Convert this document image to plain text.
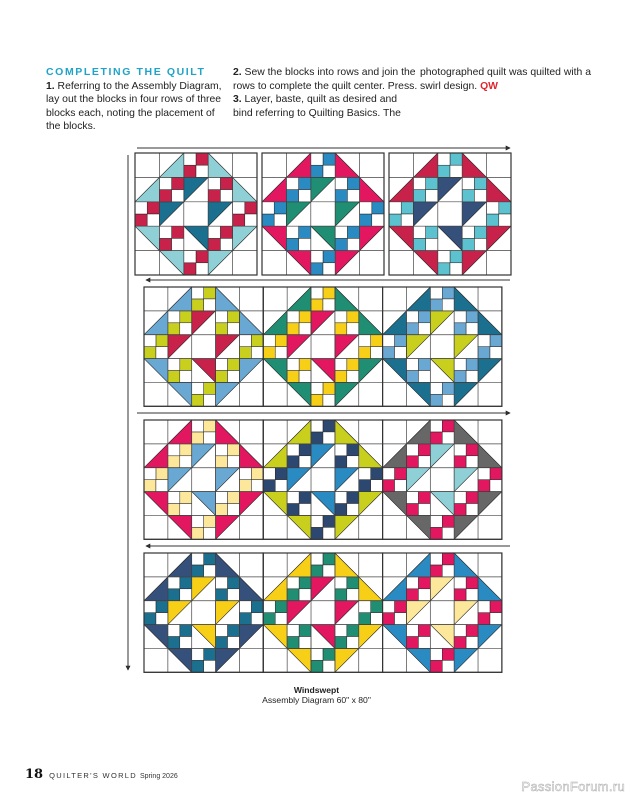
COMPLETING THE QUILT
1. Referring to the Assembly Diagram, lay out the blocks in four rows of three blocks each, noting the placement of the blocks.
2. Sew the blocks into rows and join the rows to complete the quilt center. Press.
3. Layer, baste, quilt as desired and bind referring to Quilting Basics. The
photographed quilt was quilted with a swirl design. QW
Windswept
Assembly Diagram 60" x 80"
18 QUILTER'S WORLD Spring 2026
PassionForum.ru
